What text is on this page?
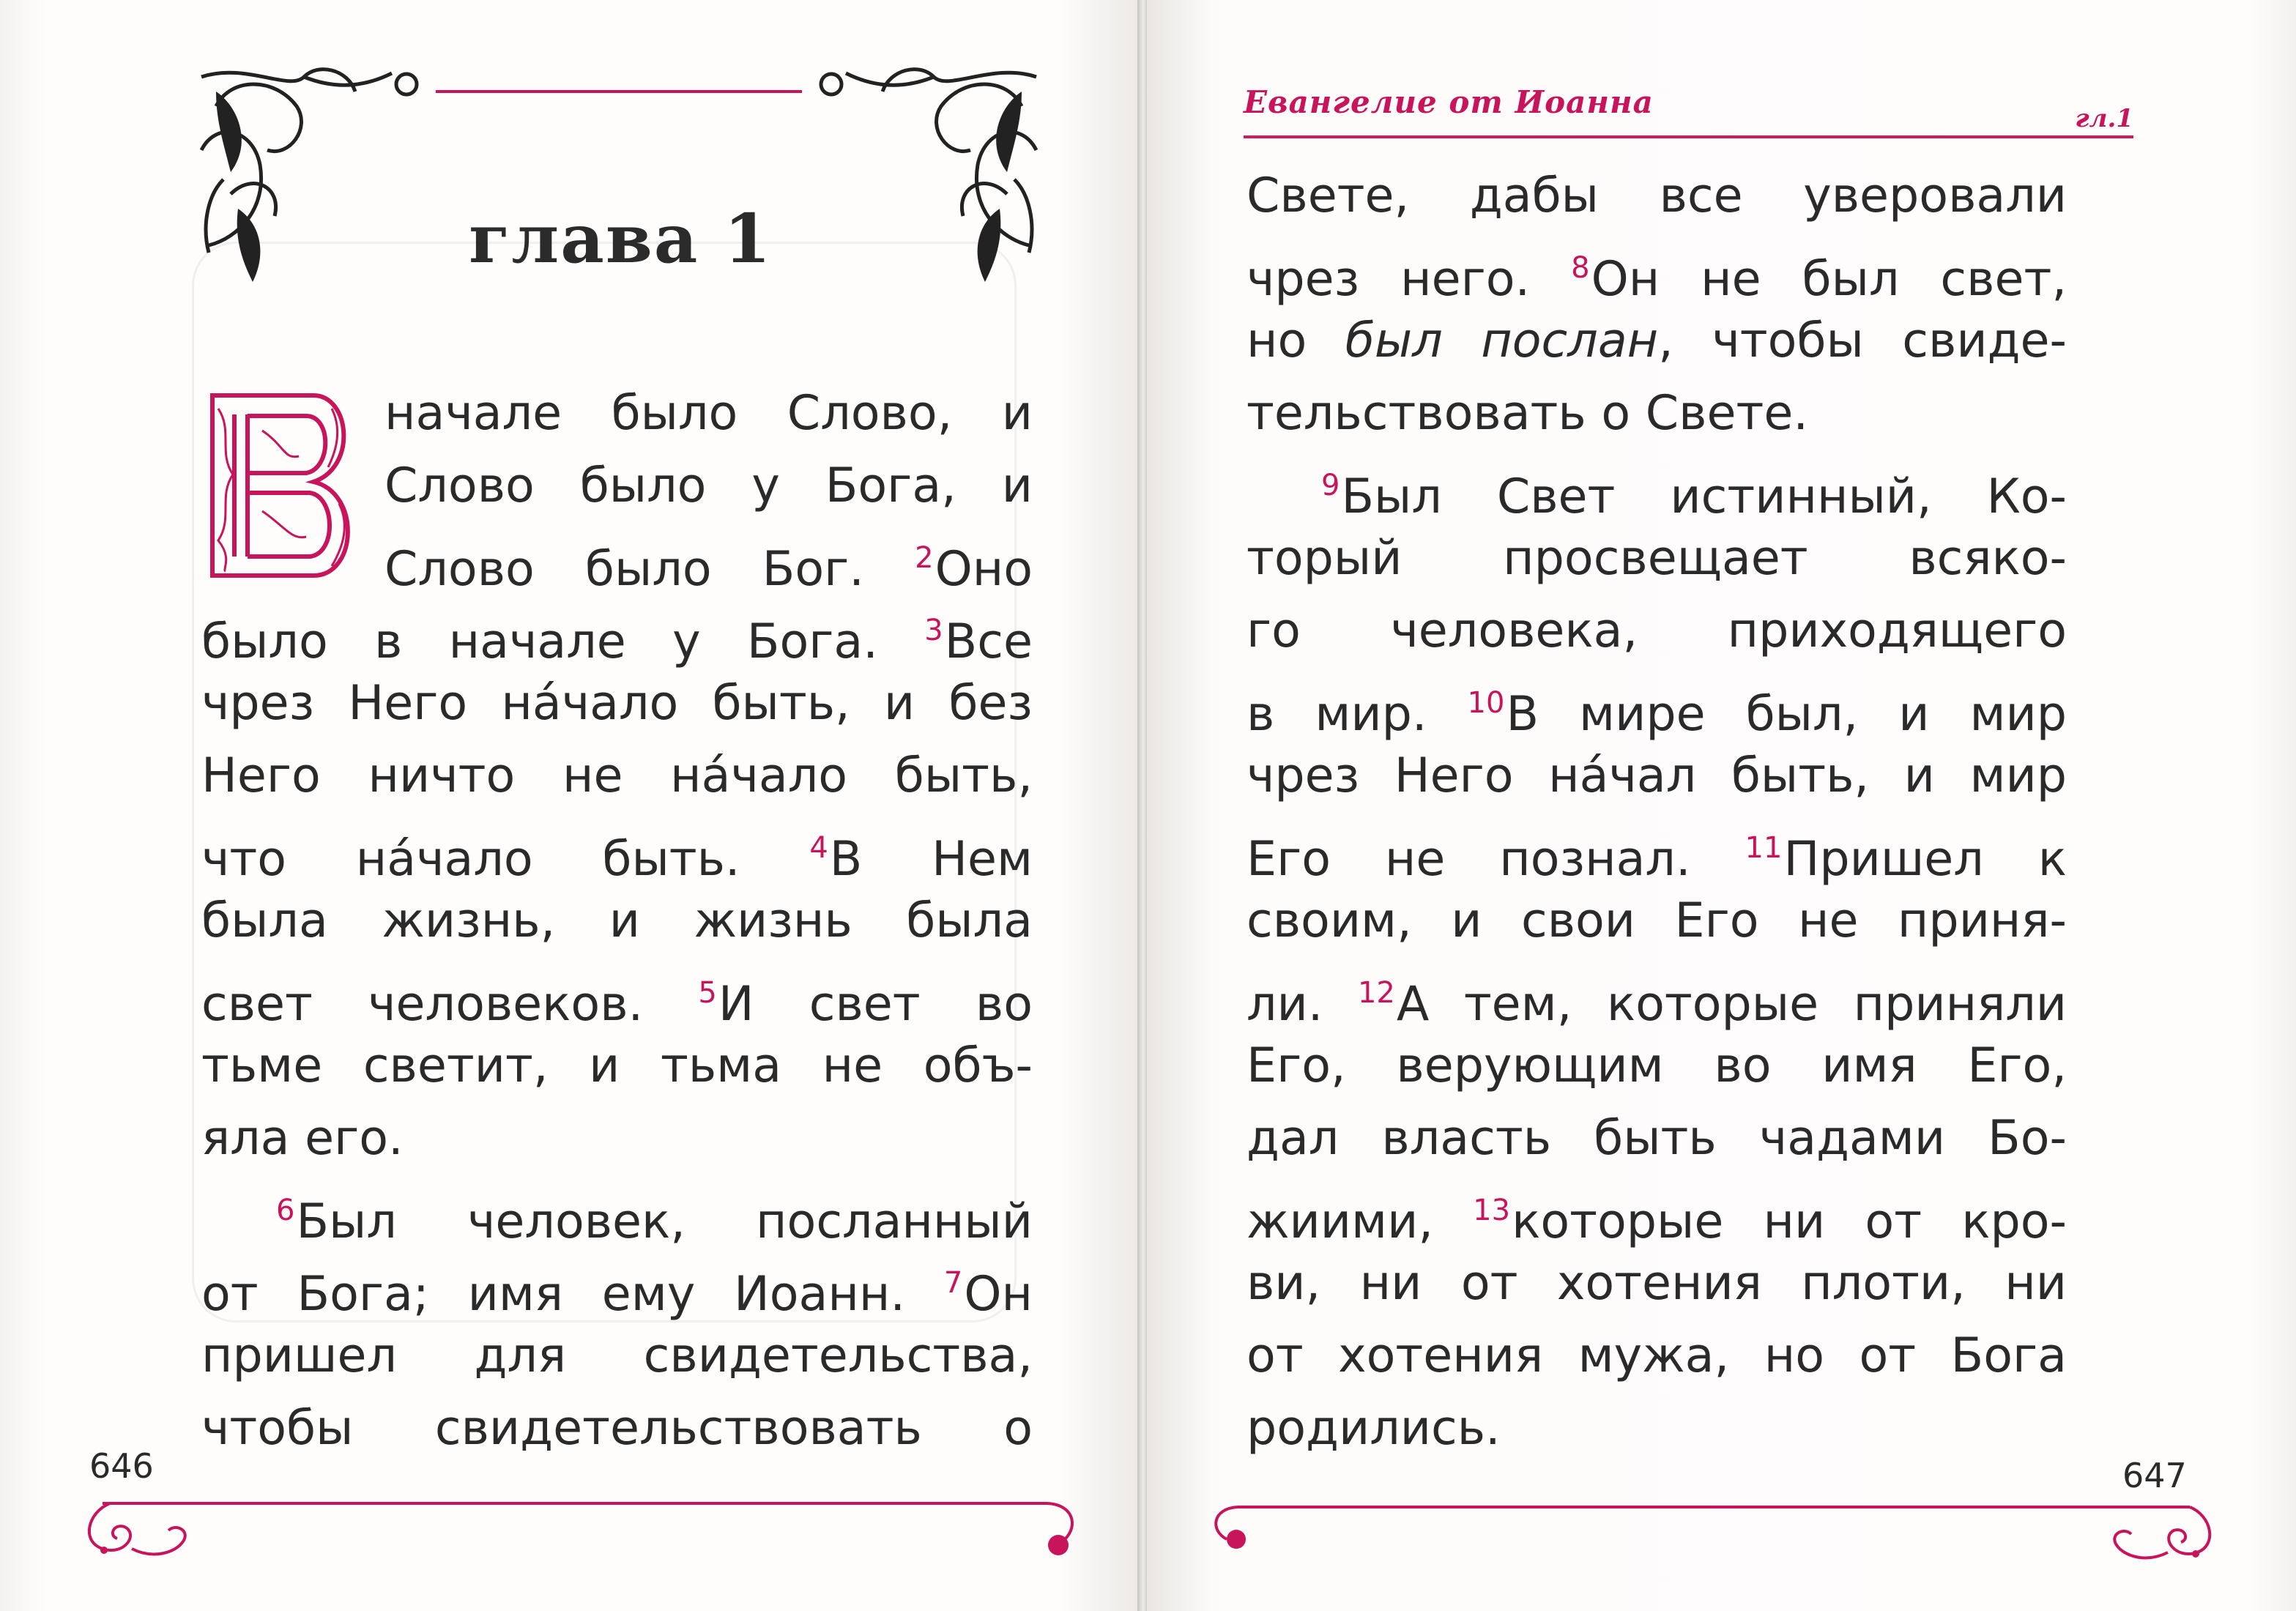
глава 1
В	начале было Слово, и
Слово было у Бога, и
Слово было Бог. $^2$Оно
было в начале у Бога. $^3$Все
чрез Него на́чало быть, и без
Него ничто не на́чало быть,
что на́чало быть. $^4$В Нем
была жизнь, и жизнь была
свет человеков. $^5$И свет во
тьме светит, и тьма не объ-
яла его.
$^6$Был человек, посланный
от Бога; имя ему Иоанн. $^7$Он
пришел для свидетельства,
чтобы свидетельствовать о
646
Евангелие от Иоанна	гл.1
Свете, дабы все уверовали
чрез него. $^8$Он не был свет,
но был послан, чтобы свиде-
тельствовать о Свете.
$^9$Был Свет истинный, Ко-
торый просвещает всяко-
го человека, приходящего
в мир. $^{10}$В мире был, и мир
чрез Него на́чал быть, и мир
Его не познал. $^{11}$Пришел к
своим, и свои Его не приня-
ли. $^{12}$А тем, которые приняли
Его, верующим во имя Его,
дал власть быть чадами Бо-
жиими, $^{13}$которые ни от кро-
ви, ни от хотения плоти, ни
от хотения мужа, но от Бога
родились.
647
